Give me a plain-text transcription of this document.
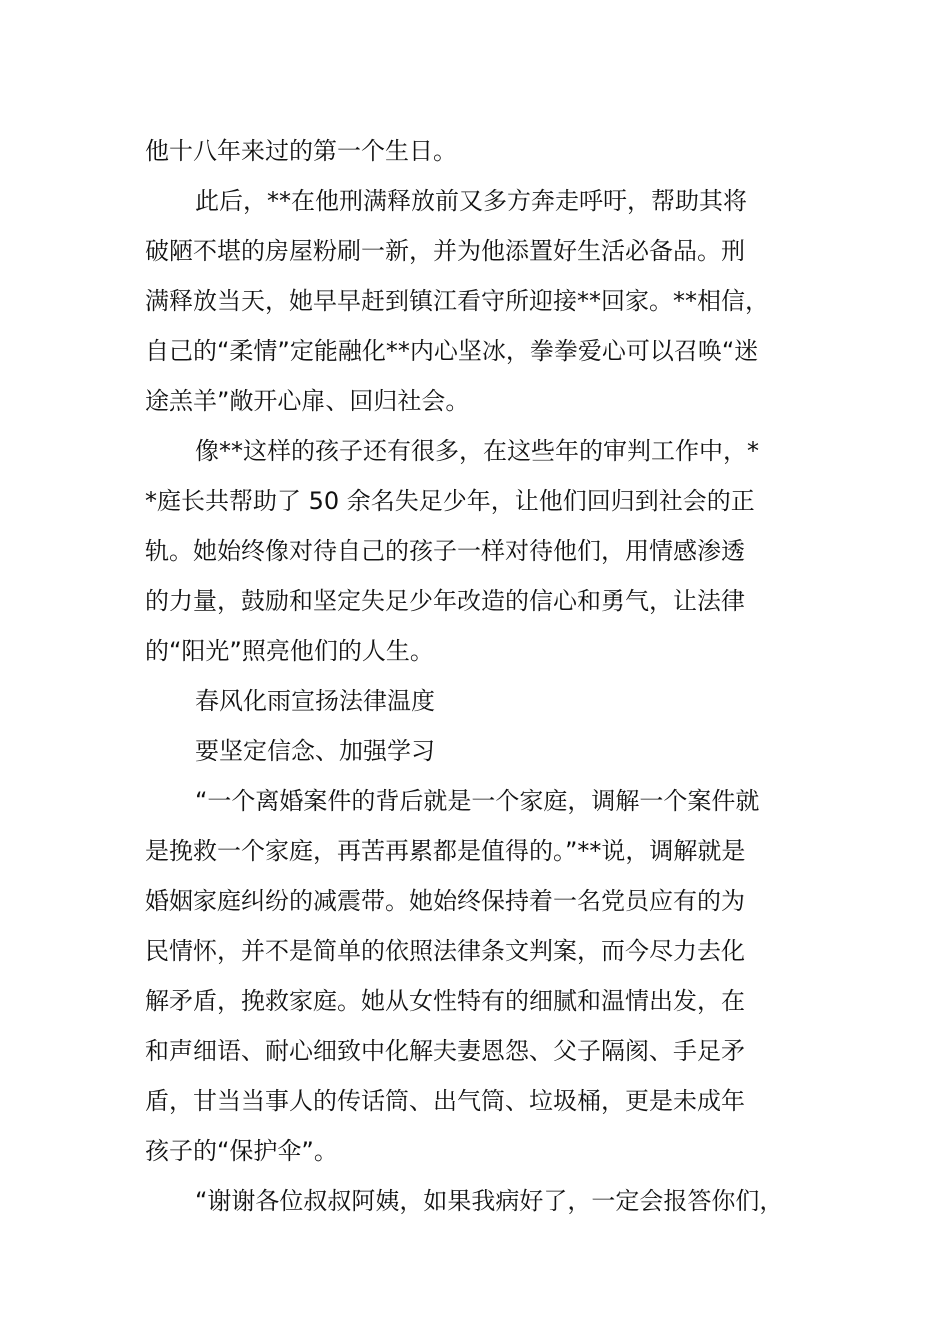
他十八年来过的第一个生日。
此后，**在他刑满释放前又多方奔走呼吁，帮助其将
破陋不堪的房屋粉刷一新，并为他添置好生活必备品。刑
满释放当天，她早早赶到镇江看守所迎接**回家。**相信，
自己的“柔情”定能融化**内心坚冰，拳拳爱心可以召唤“迷
途羔羊”敞开心扉、回归社会。
像**这样的孩子还有很多，在这些年的审判工作中，*
*庭长共帮助了 50 余名失足少年，让他们回归到社会的正
轨。她始终像对待自己的孩子一样对待他们，用情感渗透
的力量，鼓励和坚定失足少年改造的信心和勇气，让法律
的“阳光”照亮他们的人生。
春风化雨宣扬法律温度
要坚定信念、加强学习
“一个离婚案件的背后就是一个家庭，调解一个案件就
是挽救一个家庭，再苦再累都是值得的。”**说，调解就是
婚姻家庭纠纷的减震带。她始终保持着一名党员应有的为
民情怀，并不是简单的依照法律条文判案，而今尽力去化
解矛盾，挽救家庭。她从女性特有的细腻和温情出发，在
和声细语、耐心细致中化解夫妻恩怨、父子隔阂、手足矛
盾，甘当当事人的传话筒、出气筒、垃圾桶，更是未成年
孩子的“保护伞”。
“谢谢各位叔叔阿姨，如果我病好了，一定会报答你们，
